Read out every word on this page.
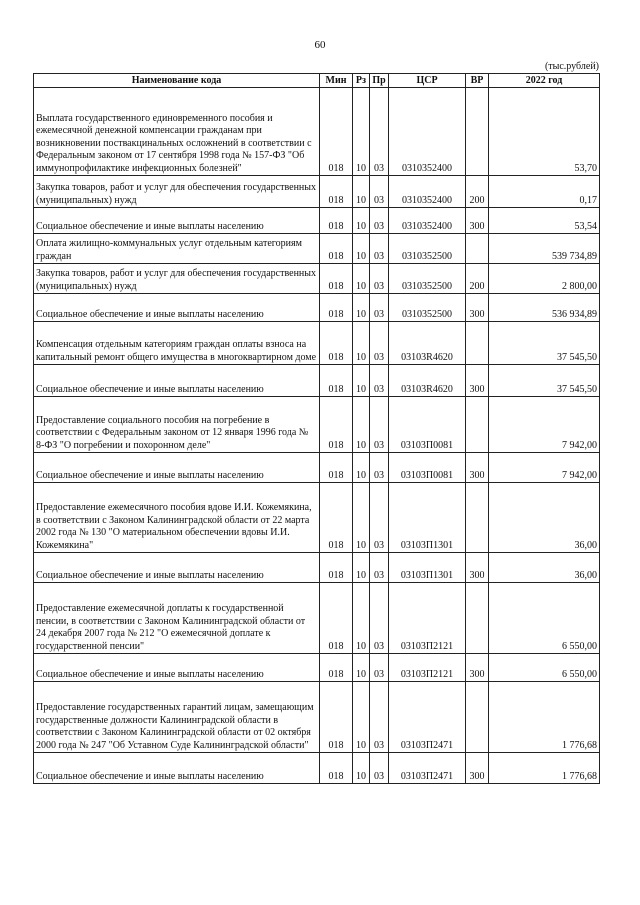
60
(тыс.рублей)
Наименование кода	Мин	Рз	Пр	ЦСР	ВР	2022 год
Выплата государственного единовременного пособия и ежемесячной денежной компенсации гражданам при возникновении поствакцинальных осложнений в соответствии с Федеральным законом от 17 сентября 1998 года № 157-ФЗ "Об иммунопрофилактике инфекционных болезней"	018	10	03	0310352400		53,70
Закупка товаров, работ и услуг для обеспечения государственных (муниципальных) нужд	018	10	03	0310352400	200	0,17
Социальное обеспечение и иные выплаты населению	018	10	03	0310352400	300	53,54
Оплата жилищно-коммунальных услуг отдельным категориям граждан	018	10	03	0310352500		539 734,89
Закупка товаров, работ и услуг для обеспечения государственных (муниципальных) нужд	018	10	03	0310352500	200	2 800,00
Социальное обеспечение и иные выплаты населению	018	10	03	0310352500	300	536 934,89
Компенсация отдельным категориям граждан оплаты взноса на капитальный ремонт общего имущества в многоквартирном доме	018	10	03	03103R4620		37 545,50
Социальное обеспечение и иные выплаты населению	018	10	03	03103R4620	300	37 545,50
Предоставление социального пособия на погребение в соответствии с Федеральным законом от 12 января 1996 года № 8-ФЗ "О погребении и похоронном деле"	018	10	03	03103П0081		7 942,00
Социальное обеспечение и иные выплаты населению	018	10	03	03103П0081	300	7 942,00
Предоставление ежемесячного пособия вдове И.И. Кожемякина, в соответствии с Законом Калининградской области от 22 марта 2002 года № 130 "О материальном обеспечении вдовы И.И. Кожемякина"	018	10	03	03103П1301		36,00
Социальное обеспечение и иные выплаты населению	018	10	03	03103П1301	300	36,00
Предоставление ежемесячной доплаты к государственной пенсии, в соответствии с Законом Калининградской области от 24 декабря 2007 года № 212 "О ежемесячной доплате к государственной пенсии"	018	10	03	03103П2121		6 550,00
Социальное обеспечение и иные выплаты населению	018	10	03	03103П2121	300	6 550,00
Предоставление государственных гарантий лицам, замещающим государственные должности Калининградской области в соответствии с Законом Калининградской области от 02 октября 2000 года № 247 "Об Уставном Суде Калининградской области"	018	10	03	03103П2471		1 776,68
Социальное обеспечение и иные выплаты населению	018	10	03	03103П2471	300	1 776,68
